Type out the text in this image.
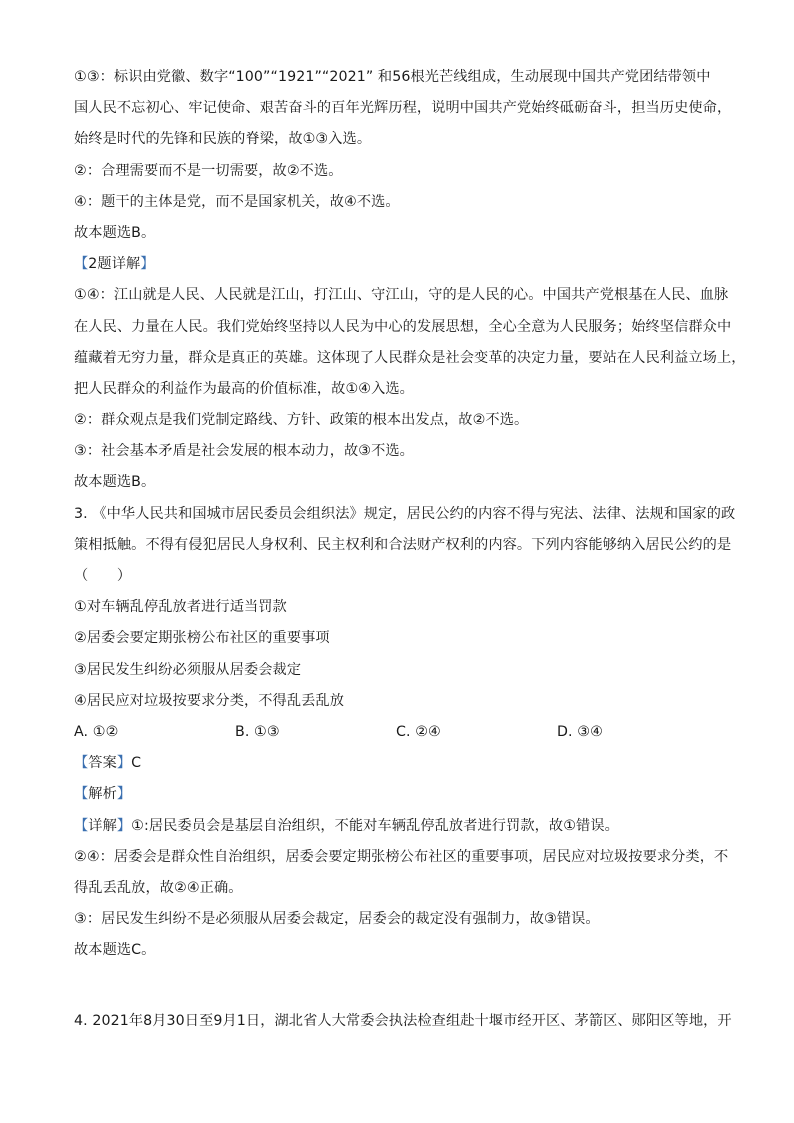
①③：标识由党徽、数字“100”“1921”“2021” 和56根光芒线组成，生动展现中国共产党团结带领中
国人民不忘初心、牢记使命、艰苦奋斗的百年光辉历程，说明中国共产党始终砥砺奋斗，担当历史使命，
始终是时代的先锋和民族的脊梁，故①③入选。
②：合理需要而不是一切需要，故②不选。
④：题干的主体是党，而不是国家机关，故④不选。
故本题选B。
【2题详解】
①④：江山就是人民、人民就是江山，打江山、守江山，守的是人民的心。中国共产党根基在人民、血脉
在人民、力量在人民。我们党始终坚持以人民为中心的发展思想，全心全意为人民服务；始终坚信群众中
蕴藏着无穷力量，群众是真正的英雄。这体现了人民群众是社会变革的决定力量，要站在人民利益立场上，
把人民群众的利益作为最高的价值标准，故①④入选。
②：群众观点是我们党制定路线、方针、政策的根本出发点，故②不选。
③：社会基本矛盾是社会发展的根本动力，故③不选。
故本题选B。
3. 《中华人民共和国城市居民委员会组织法》规定，居民公约的内容不得与宪法、法律、法规和国家的政
策相抵触。不得有侵犯居民人身权利、民主权利和合法财产权利的内容。下列内容能够纳入居民公约的是
（　　）
①对车辆乱停乱放者进行适当罚款
②居委会要定期张榜公布社区的重要事项
③居民发生纠纷必须服从居委会裁定
④居民应对垃圾按要求分类，不得乱丢乱放
A. ①②	B. ①③	C. ②④	D. ③④
【答案】C
【解析】
【详解】①:居民委员会是基层自治组织，不能对车辆乱停乱放者进行罚款，故①错误。
②④：居委会是群众性自治组织，居委会要定期张榜公布社区的重要事项，居民应对垃圾按要求分类，不
得乱丢乱放，故②④正确。
③：居民发生纠纷不是必须服从居委会裁定，居委会的裁定没有强制力，故③错误。
故本题选C。
4. 2021年8月30日至9月1日，湖北省人大常委会执法检查组赴十堰市经开区、茅箭区、郧阳区等地，开
